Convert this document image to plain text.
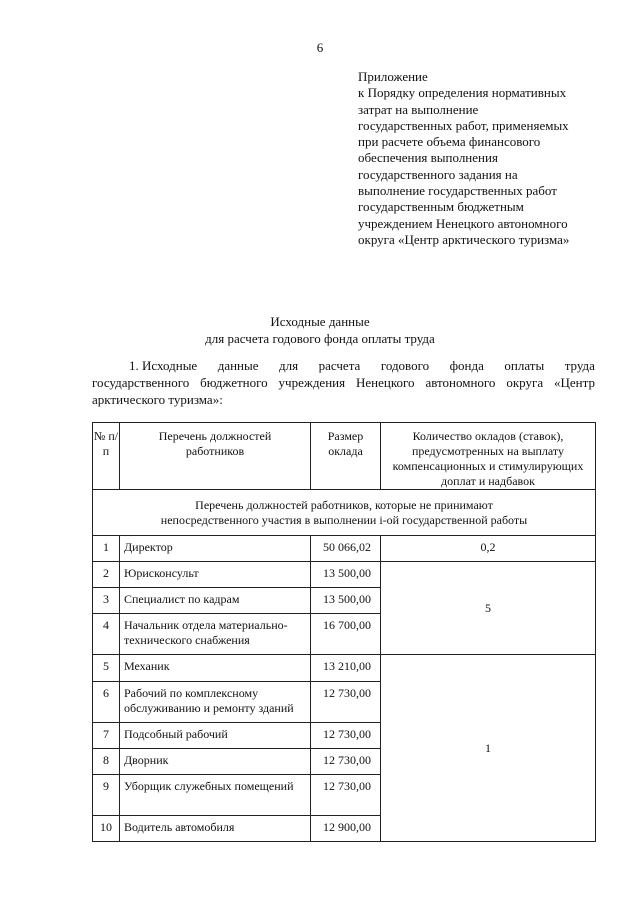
6
Приложение
к Порядку определения нормативных
затрат на выполнение
государственных работ, применяемых
при расчете объема финансового
обеспечения выполнения
государственного задания на
выполнение государственных работ
государственным бюджетным
учреждением Ненецкого автономного
округа «Центр арктического туризма»
Исходные данные
для расчета годового фонда оплаты труда
1. Исходные данные для расчета годового фонда оплаты труда
государственного бюджетного учреждения Ненецкого автономного округа «Центр
арктического туризма»:
№ п/п	Перечень должностей работников	Размер оклада	Количество окладов (ставок), предусмотренных на выплату компенсационных и стимулирующих доплат и надбавок
Перечень должностей работников, которые не принимают непосредственного участия в выполнении i-ой государственной работы			
1	Директор	50 066,02	0,2
2	Юрисконсульт	13 500,00	5
3	Специалист по кадрам	13 500,00	
4	Начальник отдела материально-технического снабжения	16 700,00	
5	Механик	13 210,00	1
6	Рабочий по комплексному обслуживанию и ремонту зданий	12 730,00	
7	Подсобный рабочий	12 730,00	
8	Дворник	12 730,00	
9	Уборщик служебных помещений	12 730,00	
10	Водитель автомобиля	12 900,00	
